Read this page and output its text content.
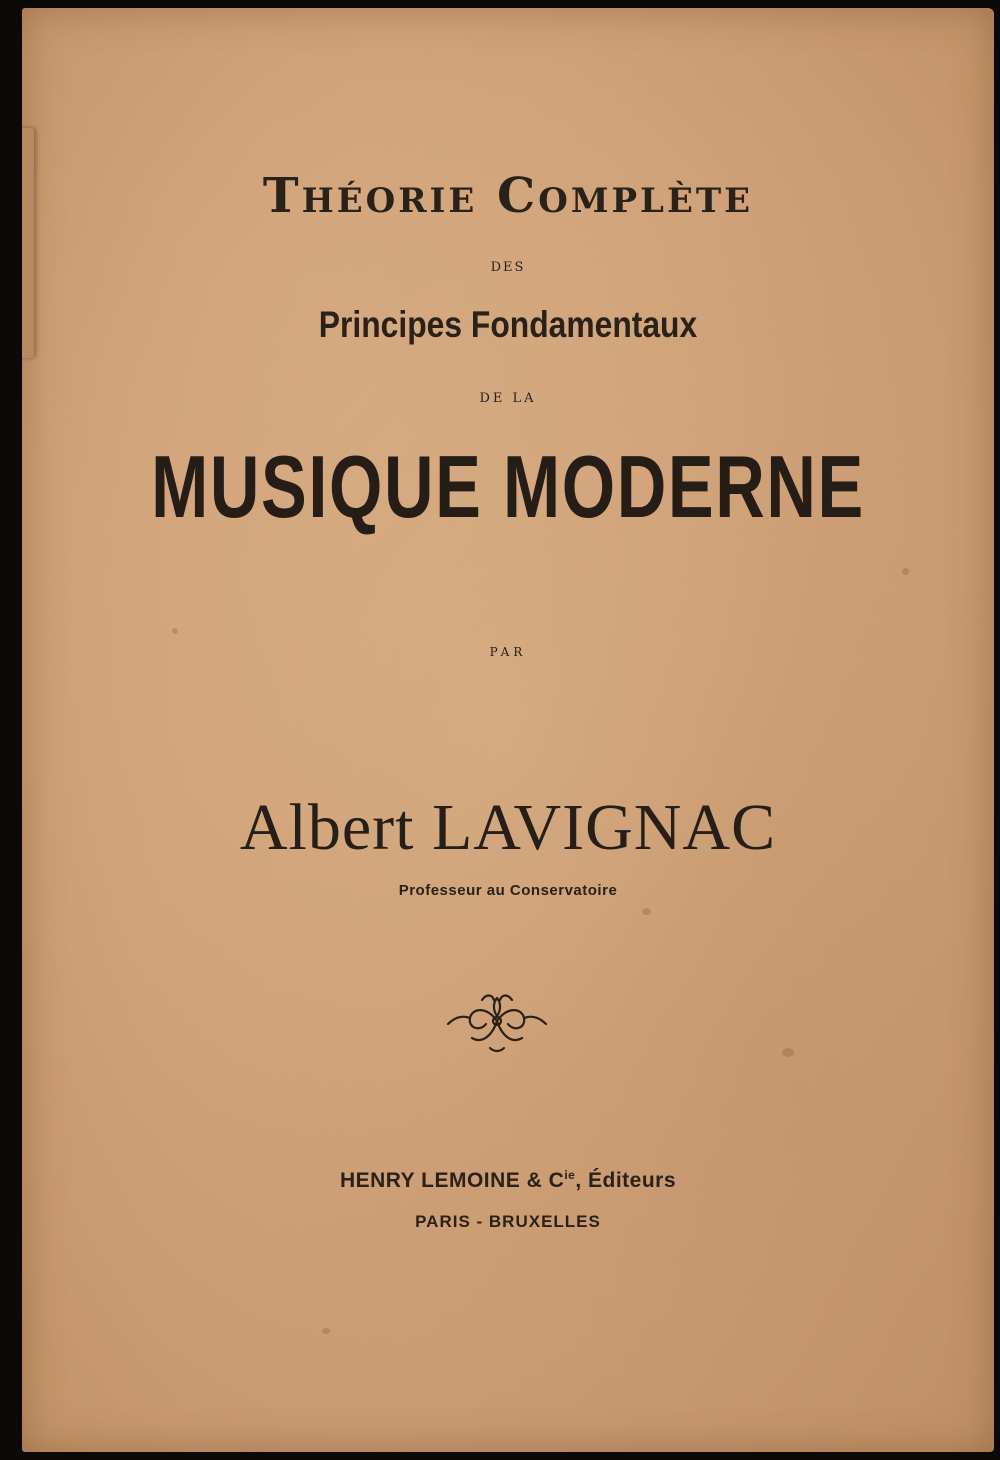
Théorie Complète
DES
Principes Fondamentaux
DE LA
MUSIQUE MODERNE
PAR
Albert LAVIGNAC
Professeur au Conservatoire
HENRY LEMOINE & $C^{ie}$, Éditeurs
PARIS - BRUXELLES
